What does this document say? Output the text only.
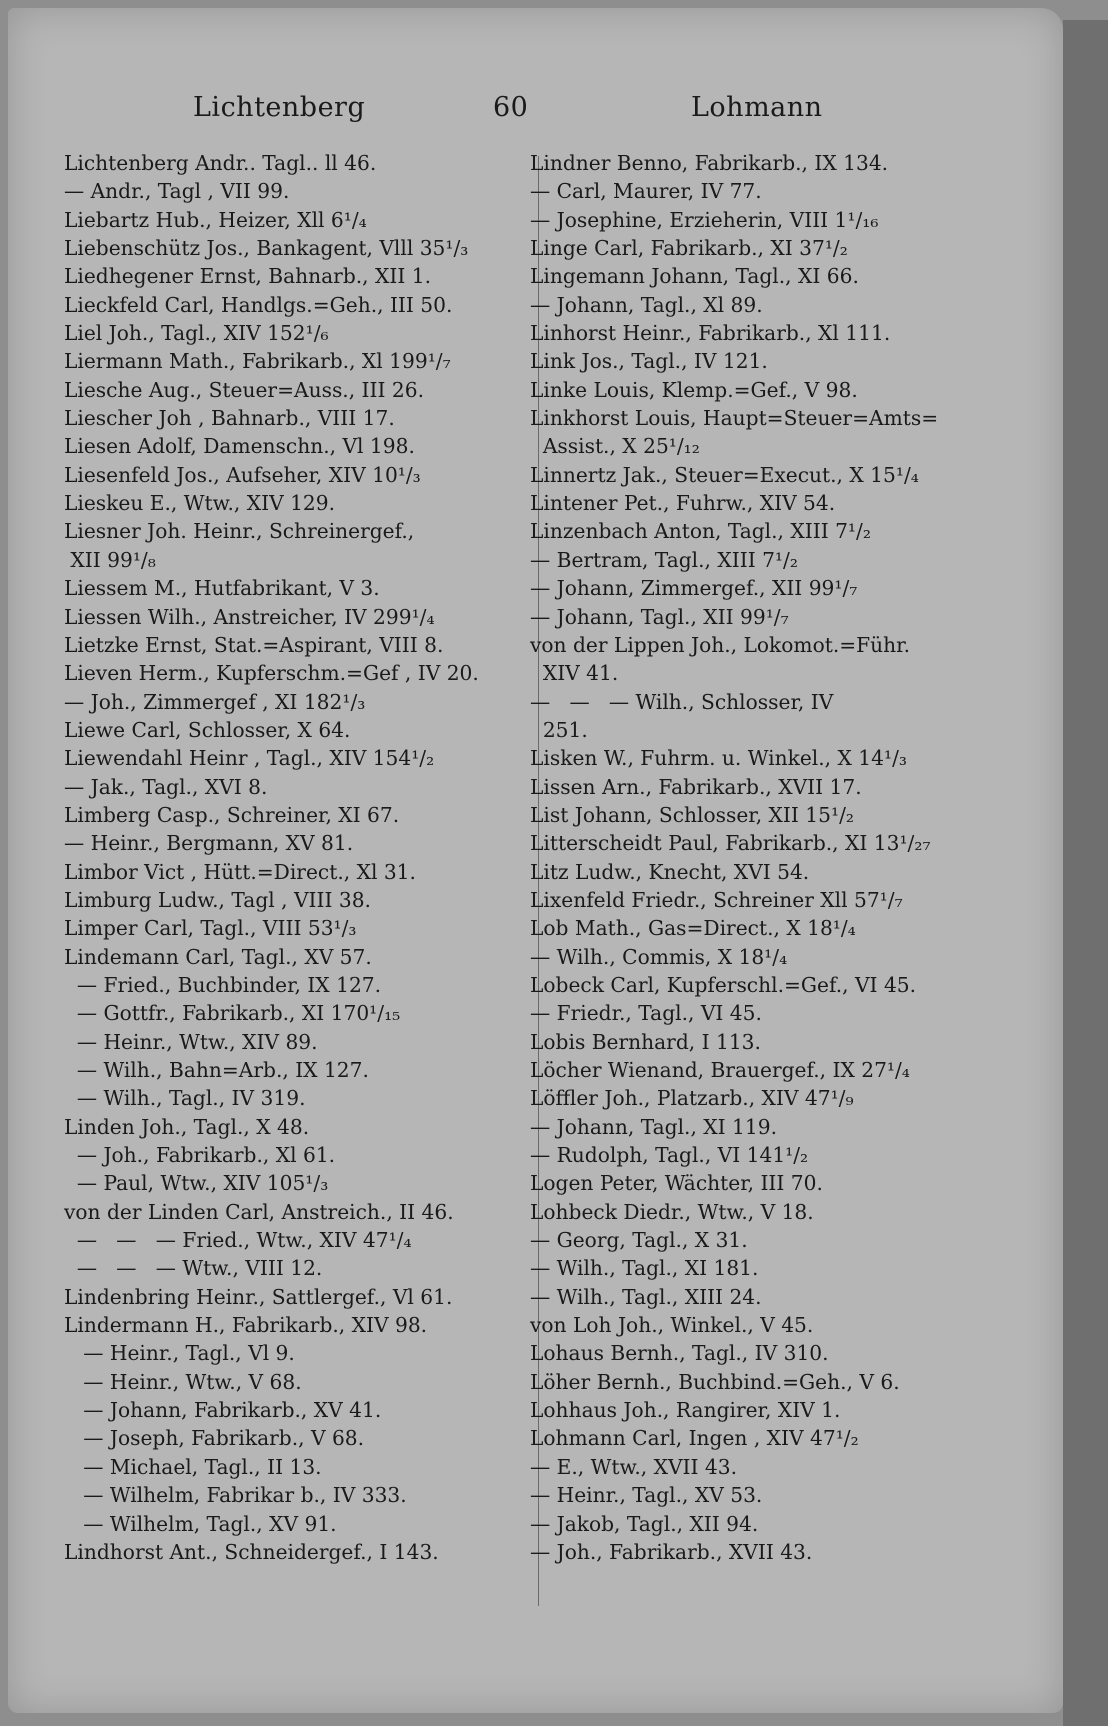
Lichtenberg	60	Lohmann
Lichtenberg Andr.. Tagl.. ll 46.
— Andr., Tagl , VII 99.
Liebartz Hub., Heizer, Xll 6¹/₄
Liebenschütz Jos., Bankagent, Vlll 35¹/₃
Liedhegener Ernst, Bahnarb., XII 1.
Lieckfeld Carl, Handlgs.=Geh., III 50.
Liel Joh., Tagl., XIV 152¹/₆
Liermann Math., Fabrikarb., Xl 199¹/₇
Liesche Aug., Steuer=Auss., III 26.
Liescher Joh , Bahnarb., VIII 17.
Liesen Adolf, Damenschn., Vl 198.
Liesenfeld Jos., Aufseher, XIV 10¹/₃
Lieskeu E., Wtw., XIV 129.
Liesner Joh. Heinr., Schreinergef.,
XII 99¹/₈
Liessem M., Hutfabrikant, V 3.
Liessen Wilh., Anstreicher, IV 299¹/₄
Lietzke Ernst, Stat.=Aspirant, VIII 8.
Lieven Herm., Kupferschm.=Gef , IV 20.
— Joh., Zimmergef , XI 182¹/₃
Liewe Carl, Schlosser, X 64.
Liewendahl Heinr , Tagl., XIV 154¹/₂
— Jak., Tagl., XVI 8.
Limberg Casp., Schreiner, XI 67.
— Heinr., Bergmann, XV 81.
Limbor Vict , Hütt.=Direct., Xl 31.
Limburg Ludw., Tagl , VIII 38.
Limper Carl, Tagl., VIII 53¹/₃
Lindemann Carl, Tagl., XV 57.
— Fried., Buchbinder, IX 127.
— Gottfr., Fabrikarb., XI 170¹/₁₅
— Heinr., Wtw., XIV 89.
— Wilh., Bahn=Arb., IX 127.
— Wilh., Tagl., IV 319.
Linden Joh., Tagl., X 48.
— Joh., Fabrikarb., Xl 61.
— Paul, Wtw., XIV 105¹/₃
von der Linden Carl, Anstreich., II 46.
—   —   — Fried., Wtw., XIV 47¹/₄
—   —   — Wtw., VIII 12.
Lindenbring Heinr., Sattlergef., Vl 61.
Lindermann H., Fabrikarb., XIV 98.
— Heinr., Tagl., Vl 9.
— Heinr., Wtw., V 68.
— Johann, Fabrikarb., XV 41.
— Joseph, Fabrikarb., V 68.
— Michael, Tagl., II 13.
— Wilhelm, Fabrikar b., IV 333.
— Wilhelm, Tagl., XV 91.
Lindhorst Ant., Schneidergef., I 143.
Lindner Benno, Fabrikarb., IX 134.
— Carl, Maurer, IV 77.
— Josephine, Erzieherin, VIII 1¹/₁₆
Linge Carl, Fabrikarb., XI 37¹/₂
Lingemann Johann, Tagl., XI 66.
— Johann, Tagl., Xl 89.
Linhorst Heinr., Fabrikarb., Xl 111.
Link Jos., Tagl., IV 121.
Linke Louis, Klemp.=Gef., V 98.
Linkhorst Louis, Haupt=Steuer=Amts=
Assist., X 25¹/₁₂
Linnertz Jak., Steuer=Execut., X 15¹/₄
Lintener Pet., Fuhrw., XIV 54.
Linzenbach Anton, Tagl., XIII 7¹/₂
— Bertram, Tagl., XIII 7¹/₂
— Johann, Zimmergef., XII 99¹/₇
— Johann, Tagl., XII 99¹/₇
von der Lippen Joh., Lokomot.=Führ.
XIV 41.
—   —   — Wilh., Schlosser, IV
251.
Lisken W., Fuhrm. u. Winkel., X 14¹/₃
Lissen Arn., Fabrikarb., XVII 17.
List Johann, Schlosser, XII 15¹/₂
Litterscheidt Paul, Fabrikarb., XI 13¹/₂₇
Litz Ludw., Knecht, XVI 54.
Lixenfeld Friedr., Schreiner Xll 57¹/₇
Lob Math., Gas=Direct., X 18¹/₄
— Wilh., Commis, X 18¹/₄
Lobeck Carl, Kupferschl.=Gef., VI 45.
— Friedr., Tagl., VI 45.
Lobis Bernhard, I 113.
Löcher Wienand, Brauergef., IX 27¹/₄
Löffler Joh., Platzarb., XIV 47¹/₉
— Johann, Tagl., XI 119.
— Rudolph, Tagl., VI 141¹/₂
Logen Peter, Wächter, III 70.
Lohbeck Diedr., Wtw., V 18.
— Georg, Tagl., X 31.
— Wilh., Tagl., XI 181.
— Wilh., Tagl., XIII 24.
von Loh Joh., Winkel., V 45.
Lohaus Bernh., Tagl., IV 310.
Löher Bernh., Buchbind.=Geh., V 6.
Lohhaus Joh., Rangirer, XIV 1.
Lohmann Carl, Ingen , XIV 47¹/₂
— E., Wtw., XVII 43.
— Heinr., Tagl., XV 53.
— Jakob, Tagl., XII 94.
— Joh., Fabrikarb., XVII 43.
